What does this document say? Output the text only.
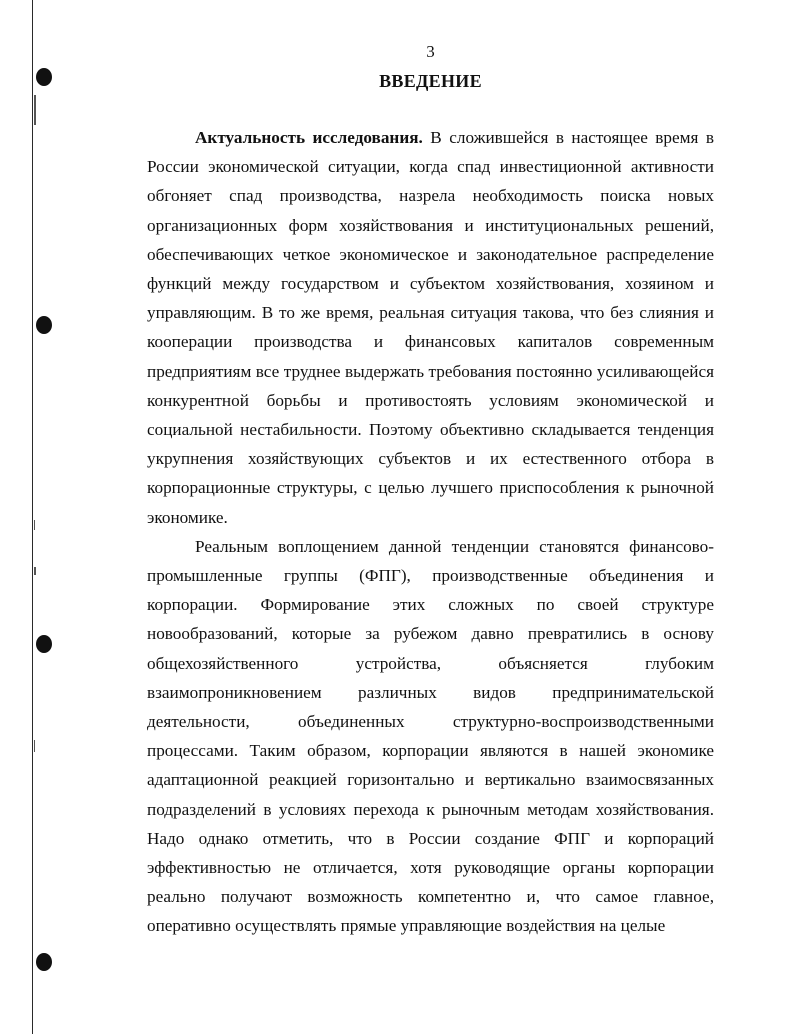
3
ВВЕДЕНИЕ

Актуальность исследования. В сложившейся в настоящее время в России экономической ситуации, когда спад инвестиционной активности обгоняет спад производства, назрела необходимость поиска новых организационных форм хозяйствования и институциональных решений, обеспечивающих четкое экономическое и законодательное распределение функций между государством и субъектом хозяйствования, хозяином и управляющим. В то же время, реальная ситуация такова, что без слияния и кооперации производства и финансовых капиталов современным предприятиям все труднее выдержать требования постоянно усиливающейся конкурентной борьбы и противостоять условиям экономической и социальной нестабильности. Поэтому объективно складывается тенденция укрупнения хозяйствующих субъектов и их естественного отбора в корпорационные структуры, с целью лучшего приспособления к рыночной экономике.

Реальным воплощением данной тенденции становятся финансово-промышленные группы (ФПГ), производственные объединения и корпорации. Формирование этих сложных по своей структуре новообразований, которые за рубежом давно превратились в основу общехозяйственного устройства, объясняется глубоким взаимопроникновением различных видов предпринимательской деятельности, объединенных структурно-воспроизводственными процессами. Таким образом, корпорации являются в нашей экономике адаптационной реакцией горизонтально и вертикально взаимосвязанных подразделений в условиях перехода к рыночным методам хозяйствования. Надо однако отметить, что в России создание ФПГ и корпораций эффективностью не отличается, хотя руководящие органы корпорации реально получают возможность компетентно и, что самое главное, оперативно осуществлять прямые управляющие воздействия на целые
